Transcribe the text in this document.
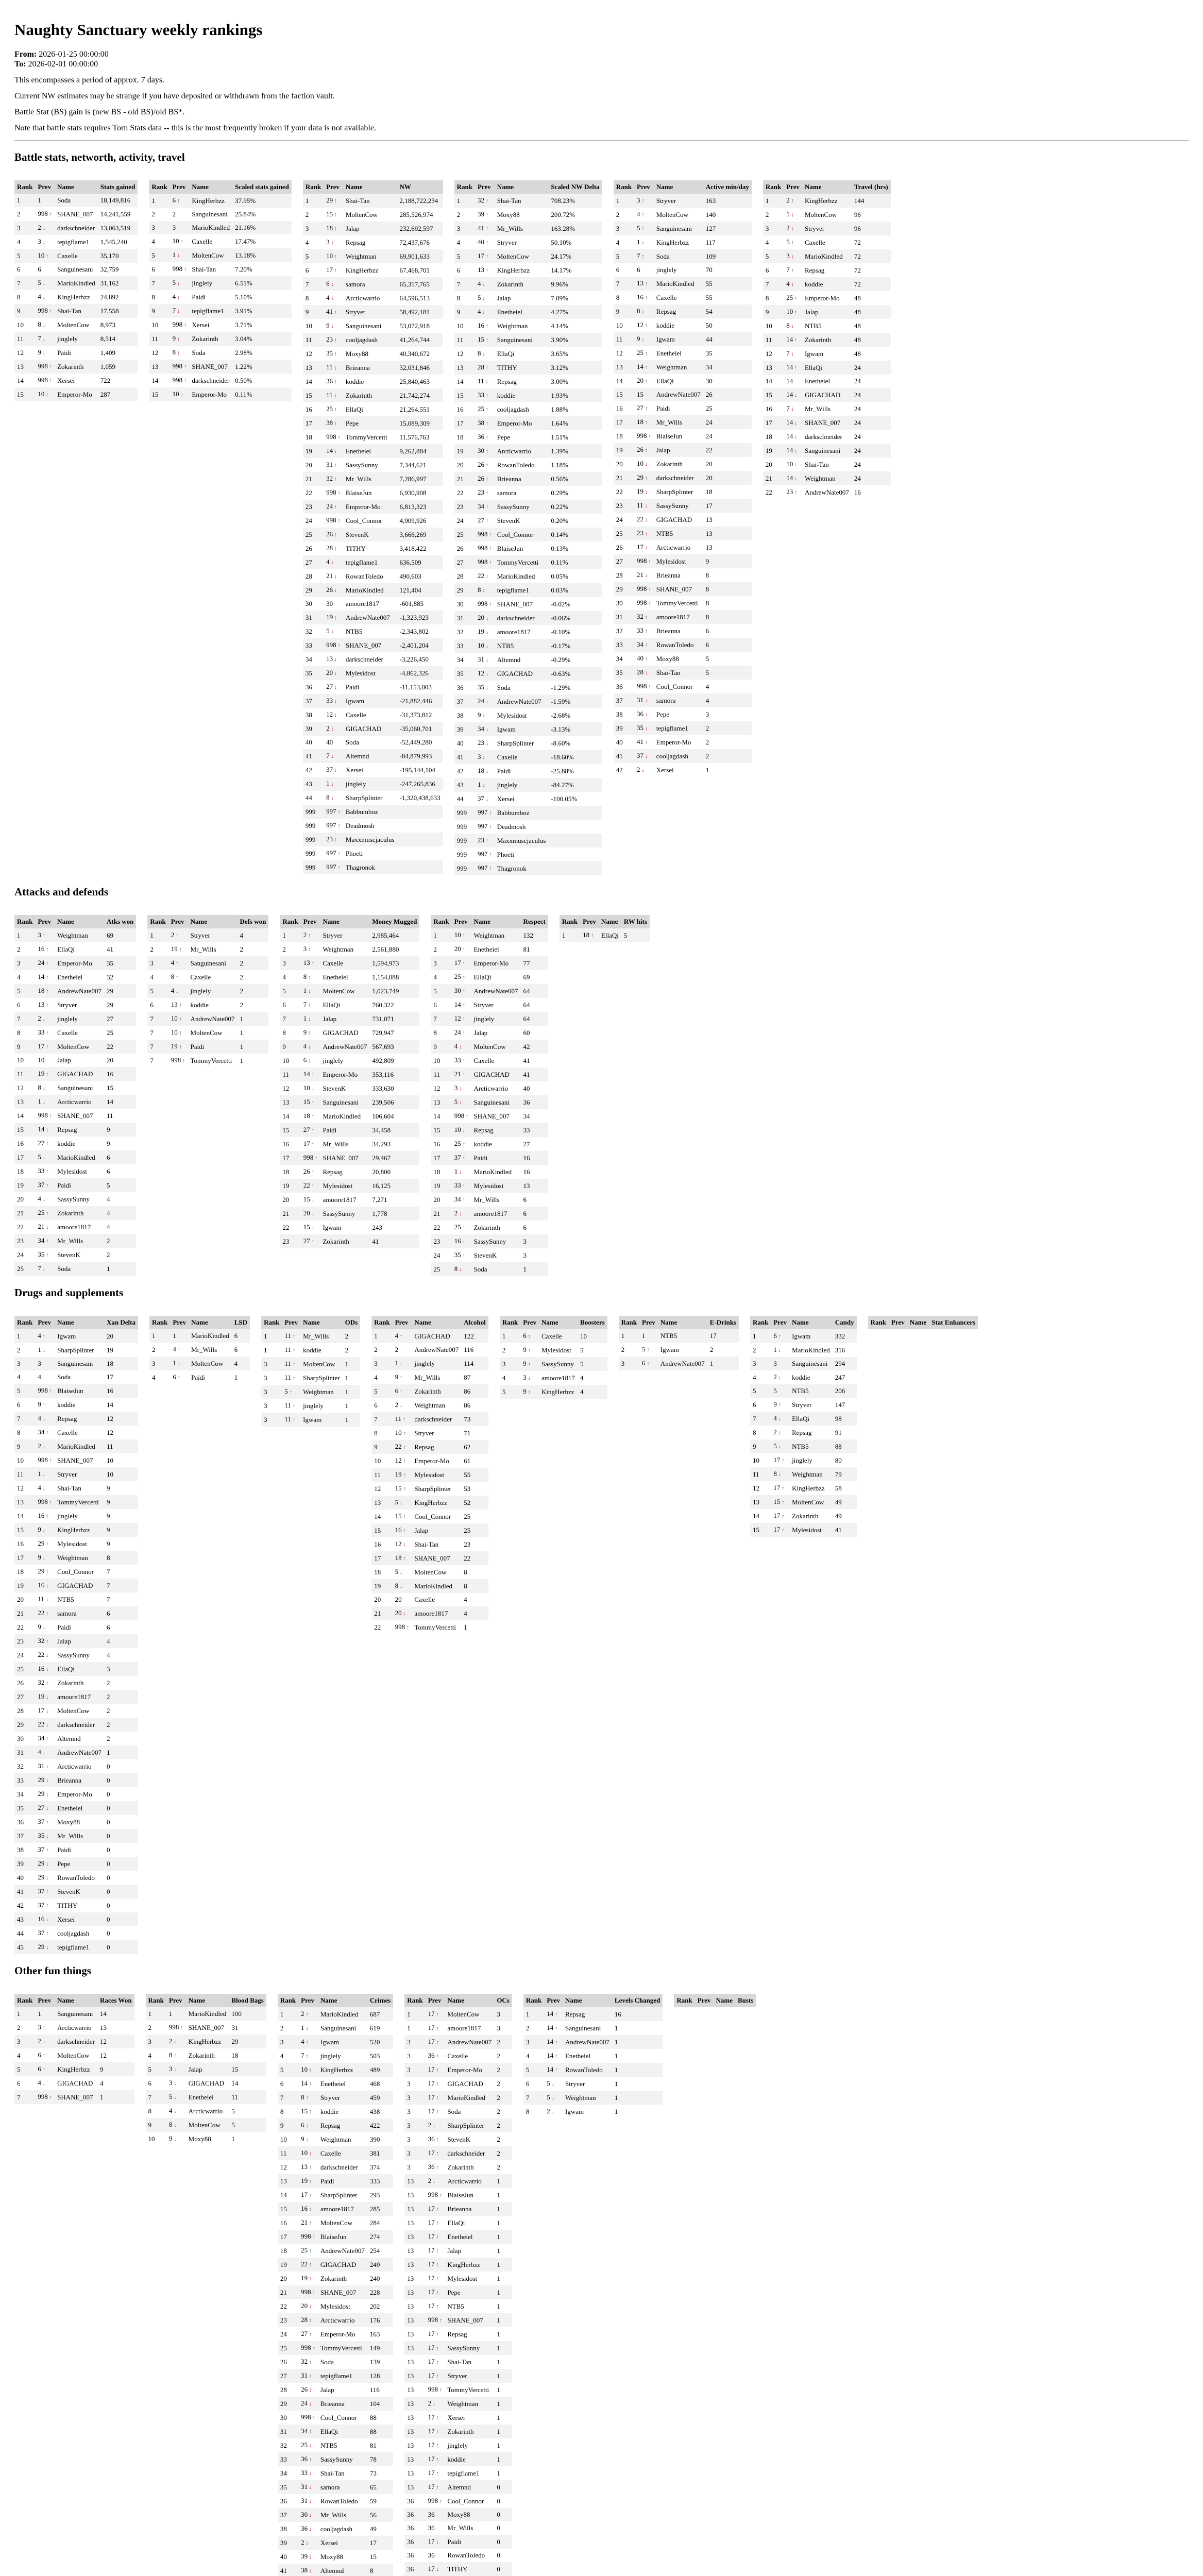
Naughty Sanctuary weekly rankings

From: 2026-01-25 00:00:00

To: 2026-02-01 00:00:00

This encompasses a period of approx. 7 days.

Current NW estimates may be strange if you have deposited or withdrawn from the faction vault.

Battle Stat (BS) gain is (new BS - old BS)/old BS*.

Note that battle stats requires Torn Stats data -- this is the most frequently broken if your data is not available.

Battle stats, networth, activity, travel
Rank	Prev	Name	Stats gained
1	1	Soda	18,149,816
2	998 ↑	SHANE_007	14,241,559
3	2 ↓	darkschneider	13,063,519
4	3 ↓	tepigflame1	1,545,240
5	10 ↑	Caxelle	35,170
6	6	Sanguinesani	32,759
7	5 ↓	MarioKindled	31,162
8	4 ↓	KingHerbzz	24,892
9	998 ↑	Shai-Tan	17,558
10	8 ↓	MoltenCow	8,973
11	7 ↓	jinglely	8,514
12	9 ↓	Paidi	1,409
13	998 ↑	Zokarinth	1,059
14	998 ↑	Xersei	722
15	10 ↓	Emperor-Mo	287
Rank	Prev	Name	Scaled stats gained
1	6 ↑	KingHerbzz	37.95%
2	2	Sanguinesani	25.84%
3	3	MarioKindled	21.16%
4	10 ↑	Caxelle	17.47%
5	1 ↓	MoltenCow	13.18%
6	998 ↑	Shai-Tan	7.20%
7	5 ↓	jinglely	6.51%
8	4 ↓	Paidi	5.10%
9	7 ↓	tepigflame1	3.91%
10	998 ↑	Xersei	3.71%
11	9 ↓	Zokarinth	3.04%
12	8 ↓	Soda	2.98%
13	998 ↑	SHANE_007	1.22%
14	998 ↑	darkschneider	0.50%
15	10 ↓	Emperor-Mo	0.11%
Rank	Prev	Name	NW
1	29 ↑	Shai-Tan	2,188,722,234
2	15 ↑	MoltenCow	285,526,974
3	18 ↑	Jalap	232,692,597
4	3 ↓	Repsag	72,437,676
5	10 ↑	Weightman	69,901,633
6	17 ↑	KingHerbzz	67,468,701
7	6 ↓	samora	65,317,765
8	4 ↓	Arcticwarrio	64,596,513
9	41 ↑	Stryver	58,492,181
10	9 ↓	Sanguinesani	53,072,918
11	23 ↑	cooljagdash	41,264,744
12	35 ↑	Moxy88	40,340,672
13	11 ↓	Brieanna	32,031,846
14	36 ↑	koddie	25,840,463
15	11 ↓	Zokarinth	21,742,274
16	25 ↑	EllaQi	21,264,551
17	38 ↑	Pepe	15,089,309
18	998 ↑	TommyVercetti	11,576,763
19	14 ↓	Enetheiel	9,262,884
20	31 ↑	SassySunny	7,344,621
21	32 ↑	Mr_Wills	7,286,997
22	998 ↑	BlaiseJun	6,930,908
23	24 ↑	Emperor-Mo	6,813,323
24	998 ↑	Cool_Connor	4,909,926
25	26 ↑	StevenK	3,666,269
26	28 ↑	TITHY	3,418,422
27	4 ↓	tepigflame1	636,509
28	21 ↓	RowanToledo	490,603
29	26 ↓	MarioKindled	121,404
30	30	amoore1817	-601,885
31	19 ↓	AndrewNate007	-1,323,923
32	5 ↓	NTB5	-2,343,802
33	998 ↑	SHANE_007	-2,401,204
34	13 ↓	darkschneider	-3,226,450
35	20 ↓	Mylesidost	-4,862,326
36	27 ↓	Paidi	-11,153,003
37	33 ↓	Igwam	-21,882,446
38	12 ↓	Caxelle	-31,373,812
39	2 ↓	GIGACHAD	-35,060,701
40	40	Soda	-52,449,280
41	7 ↓	Altemnd	-84,879,993
42	37 ↓	Xersei	-195,144,104
43	1 ↓	jinglely	-247,265,836
44	8 ↓	SharpSplinter	-1,320,438,633
999	997 ↑	Babbumboz	
999	997 ↑	Deadmosh	
999	23 ↑	Maxxmuscjaculus	
999	997 ↑	Phoeti	
999	997 ↑	Thagronok	
Rank	Prev	Name	Scaled NW Delta
1	32 ↑	Shai-Tan	708.23%
2	39 ↑	Moxy88	200.72%
3	41 ↑	Mr_Wills	163.28%
4	40 ↑	Stryver	50.10%
5	17 ↑	MoltenCow	24.17%
6	13 ↑	KingHerbzz	14.17%
7	4 ↓	Zokarinth	9.96%
8	5 ↓	Jalap	7.09%
9	4 ↓	Enetheiel	4.27%
10	16 ↑	Weightman	4.14%
11	15 ↑	Sanguinesani	3.90%
12	8 ↓	EllaQi	3.65%
13	28 ↑	TITHY	3.12%
14	11 ↓	Repsag	3.00%
15	33 ↑	koddie	1.93%
16	25 ↑	cooljagdash	1.88%
17	38 ↑	Emperor-Mo	1.64%
18	36 ↑	Pepe	1.51%
19	30 ↑	Arcticwarrio	1.39%
20	26 ↑	RowanToledo	1.18%
21	26 ↑	Brieanna	0.56%
22	23 ↑	samora	0.29%
23	34 ↑	SassySunny	0.22%
24	27 ↑	StevenK	0.20%
25	998 ↑	Cool_Connor	0.14%
26	998 ↑	BlaiseJun	0.13%
27	998 ↑	TommyVercetti	0.11%
28	22 ↓	MarioKindled	0.05%
29	8 ↓	tepigflame1	0.03%
30	998 ↑	SHANE_007	-0.02%
31	20 ↓	darkschneider	-0.06%
32	19 ↓	amoore1817	-0.10%
33	10 ↓	NTB5	-0.17%
34	31 ↓	Altemnd	-0.29%
35	12 ↓	GIGACHAD	-0.63%
36	35 ↓	Soda	-1.29%
37	24 ↓	AndrewNate007	-1.59%
38	9 ↓	Mylesidost	-2.68%
39	34 ↓	Igwam	-3.13%
40	23 ↓	SharpSplinter	-8.60%
41	3 ↓	Caxelle	-18.60%
42	18 ↓	Paidi	-25.88%
43	1 ↓	jinglely	-84.27%
44	37 ↓	Xersei	-100.05%
999	997 ↑	Babbumboz	
999	997 ↑	Deadmosh	
999	23 ↑	Maxxmuscjaculus	
999	997 ↑	Phoeti	
999	997 ↑	Thagronok	
Rank	Prev	Name	Active min/day
1	3 ↑	Stryver	163
2	4 ↑	MoltenCow	140
3	5 ↑	Sanguinesani	127
4	1 ↓	KingHerbzz	117
5	7 ↑	Soda	109
6	6	jinglely	70
7	13 ↑	MarioKindled	55
8	16 ↑	Caxelle	55
9	8 ↓	Repsag	54
10	12 ↑	koddie	50
11	9 ↓	Igwam	44
12	25 ↑	Enetheiel	35
13	14 ↑	Weightman	34
14	20 ↑	EllaQi	30
15	15	AndrewNate007	26
16	27 ↑	Paidi	25
17	18 ↑	Mr_Wills	24
18	998 ↑	BlaiseJun	24
19	26 ↑	Jalap	22
20	10 ↓	Zokarinth	20
21	29 ↑	darkschneider	20
22	19 ↓	SharpSplinter	18
23	11 ↓	SassySunny	17
24	22 ↓	GIGACHAD	13
25	23 ↓	NTB5	13
26	17 ↓	Arcticwarrio	13
27	998 ↑	Mylesidost	9
28	21 ↓	Brieanna	8
29	998 ↑	SHANE_007	8
30	998 ↑	TommyVercetti	8
31	32 ↑	amoore1817	8
32	33 ↑	Brieanna	6
33	34 ↑	RowanToledo	6
34	40 ↑	Moxy88	5
35	28 ↓	Shai-Tan	5
36	998 ↑	Cool_Connor	4
37	31 ↓	samora	4
38	36 ↓	Pepe	3
39	35 ↓	tepigflame1	2
40	41 ↑	Emperor-Mo	2
41	37 ↓	cooljagdash	2
42	2 ↓	Xersei	1
Rank	Prev	Name	Travel (hrs)
1	2 ↑	KingHerbzz	144
2	1 ↓	MoltenCow	96
3	2 ↓	Stryver	96
4	5 ↑	Caxelle	72
5	3 ↓	MarioKindled	72
6	7 ↑	Repsag	72
7	4 ↓	koddie	72
8	25 ↑	Emperor-Mo	48
9	10 ↑	Jalap	48
10	8 ↓	NTB5	48
11	14 ↑	Zokarinth	48
12	7 ↓	Igwam	48
13	14 ↑	EllaQi	24
14	14	Enetheiel	24
15	14 ↓	GIGACHAD	24
16	7 ↓	Mr_Wills	24
17	14 ↓	SHANE_007	24
18	14 ↓	darkschneider	24
19	14 ↓	Sanguinesani	24
20	10 ↓	Shai-Tan	24
21	14 ↓	Weightman	24
22	23 ↑	AndrewNate007	16
Attacks and defends
Rank	Prev	Name	Atks won
1	3 ↑	Weightman	69
2	16 ↑	EllaQi	41
3	24 ↑	Emperor-Mo	35
4	14 ↑	Enetheiel	32
5	18 ↑	AndrewNate007	29
6	13 ↑	Stryver	29
7	2 ↓	jinglely	27
8	33 ↑	Caxelle	25
9	17 ↑	MoltenCow	22
10	10	Jalap	20
11	19 ↑	GIGACHAD	16
12	8 ↓	Sanguinesani	15
13	1 ↓	Arcticwarrio	14
14	998 ↑	SHANE_007	11
15	14 ↓	Repsag	9
16	27 ↑	koddie	9
17	5 ↓	MarioKindled	6
18	33 ↑	Mylesidost	6
19	37 ↑	Paidi	5
20	4 ↓	SassySunny	4
21	25 ↑	Zokarinth	4
22	21 ↓	amoore1817	4
23	34 ↑	Mr_Wills	2
24	35 ↑	StevenK	2
25	7 ↓	Soda	1
Rank	Prev	Name	Defs won
1	2 ↑	Stryver	4
2	19 ↑	Mr_Wills	2
3	4 ↑	Sanguinesani	2
4	8 ↑	Caxelle	2
5	4 ↓	jinglely	2
6	13 ↑	koddie	2
7	10 ↑	AndrewNate007	1
7	10 ↑	MoltenCow	1
7	19 ↑	Paidi	1
7	998 ↑	TommyVercetti	1
Rank	Prev	Name	Money Mugged
1	2 ↑	Stryver	2,985,464
2	3 ↑	Weightman	2,561,880
3	13 ↑	Caxelle	1,594,973
4	8 ↑	Enetheiel	1,154,088
5	1 ↓	MoltenCow	1,023,749
6	7 ↑	EllaQi	760,322
7	1 ↓	Jalap	731,071
8	9 ↑	GIGACHAD	729,947
9	4 ↓	AndrewNate007	567,693
10	6 ↓	jinglely	492,809
11	14 ↑	Emperor-Mo	353,116
12	10 ↓	StevenK	333,630
13	15 ↑	Sanguinesani	239,506
14	18 ↑	MarioKindled	106,604
15	27 ↑	Paidi	34,458
16	17 ↑	Mr_Wills	34,293
17	998 ↑	SHANE_007	29,467
18	26 ↑	Repsag	20,800
19	22 ↑	Mylesidost	16,125
20	15 ↓	amoore1817	7,271
21	20 ↓	SassySunny	1,778
22	15 ↓	Igwam	243
23	27 ↑	Zokarinth	41
Rank	Prev	Name	Respect
1	10 ↑	Weightman	132
2	20 ↑	Enetheiel	81
3	17 ↑	Emperor-Mo	77
4	25 ↑	EllaQi	69
5	30 ↑	AndrewNate007	64
6	14 ↑	Stryver	64
7	12 ↑	jinglely	64
8	24 ↑	Jalap	60
9	4 ↓	MoltenCow	42
10	33 ↑	Caxelle	41
11	21 ↑	GIGACHAD	41
12	3 ↓	Arcticwarrio	40
13	5 ↓	Sanguinesani	36
14	998 ↑	SHANE_007	34
15	10 ↓	Repsag	33
16	25 ↑	koddie	27
17	37 ↑	Paidi	16
18	1 ↓	MarioKindled	16
19	33 ↑	Mylesidost	13
20	34 ↑	Mr_Wills	6
21	2 ↓	amoore1817	6
22	25 ↑	Zokarinth	6
23	16 ↓	SassySunny	3
24	35 ↑	StevenK	3
25	8 ↓	Soda	1
Rank	Prev	Name	RW hits
1	18 ↑	EllaQi	5
Drugs and supplements
Rank	Prev	Name	Xan Delta
1	4 ↑	Igwam	20
2	1 ↓	SharpSplinter	19
3	3	Sanguinesani	18
4	4	Soda	17
5	998 ↑	BlaiseJun	16
6	9 ↑	koddie	14
7	4 ↓	Repsag	12
8	34 ↑	Caxelle	12
9	2 ↓	MarioKindled	11
10	998 ↑	SHANE_007	10
11	1 ↓	Stryver	10
12	4 ↓	Shai-Tan	9
13	998 ↑	TommyVercetti	9
14	16 ↑	jinglely	9
15	9 ↓	KingHerbzz	9
16	29 ↑	Mylesidost	9
17	9 ↓	Weightman	8
18	29 ↑	Cool_Connor	7
19	16 ↓	GIGACHAD	7
20	11 ↓	NTB5	7
21	22 ↑	samora	6
22	9 ↓	Paidi	6
23	32 ↑	Jalap	4
24	22 ↓	SassySunny	4
25	16 ↓	EllaQi	3
26	32 ↑	Zokarinth	2
27	19 ↓	amoore1817	2
28	17 ↓	MoltenCow	2
29	22 ↓	darkschneider	2
30	34 ↑	Altemnd	2
31	4 ↓	AndrewNate007	1
32	31 ↓	Arcticwarrio	0
33	29 ↓	Brieanna	0
34	29 ↓	Emperor-Mo	0
35	27 ↓	Enetheiel	0
36	37 ↑	Moxy88	0
37	35 ↓	Mr_Wills	0
38	37 ↑	Paidi	0
39	29 ↓	Pepe	0
40	29 ↓	RowanToledo	0
41	37 ↑	StevenK	0
42	37 ↑	TITHY	0
43	16 ↓	Xersei	0
44	37 ↑	cooljagdash	0
45	29 ↓	tepigflame1	0
Rank	Prev	Name	LSD
1	1	MarioKindled	6
2	4 ↑	Mr_Wills	6
3	1 ↓	MoltenCow	4
4	6 ↑	Paidi	1
Rank	Prev	Name	ODs
1	11 ↑	Mr_Wills	2
1	11 ↑	koddie	2
3	11 ↑	MoltenCow	1
3	11 ↑	SharpSplinter	1
3	5 ↑	Weightman	1
3	11 ↑	jinglely	1
3	11 ↑	Igwam	1
Rank	Prev	Name	Alcohol
1	4 ↑	GIGACHAD	122
2	2	AndrewNate007	116
3	1 ↓	jinglely	114
4	9 ↑	Mr_Wills	87
5	6 ↑	Zokarinth	86
6	2 ↓	Weightman	86
7	11 ↑	darkschneider	73
8	10 ↑	Stryver	71
9	22 ↑	Repsag	62
10	12 ↑	Emperor-Mo	61
11	19 ↑	Mylesidost	55
12	15 ↑	SharpSplinter	53
13	5 ↓	KingHerbzz	52
14	15 ↑	Cool_Connor	25
15	16 ↑	Jalap	25
16	12 ↓	Shai-Tan	23
17	18 ↑	SHANE_007	22
18	5 ↓	MoltenCow	8
19	8 ↓	MarioKindled	8
20	20	Caxelle	4
21	20 ↓	amoore1817	4
22	998 ↑	TommyVercetti	1
Rank	Prev	Name	Boosters
1	6 ↑	Caxelle	10
2	9 ↑	Mylesidost	5
3	9 ↑	SassySunny	5
4	3 ↓	amoore1817	4
5	9 ↑	KingHerbzz	4
Rank	Prev	Name	E-Drinks
1	1	NTB5	17
2	5 ↑	Igwam	2
3	6 ↑	AndrewNate007	1
Rank	Prev	Name	Candy
1	6 ↑	Igwam	332
2	1 ↓	MarioKindled	316
3	3	Sanguinesani	294
4	2 ↓	koddie	247
5	5	NTB5	206
6	9 ↑	Stryver	147
7	4 ↓	EllaQi	98
8	2 ↓	Repsag	91
9	5 ↓	NTB5	88
10	17 ↑	jinglely	80
11	8 ↓	Weightman	79
12	17 ↑	KingHerbzz	58
13	15 ↑	MoltenCow	49
14	17 ↑	Zokarinth	49
15	17 ↑	Mylesidost	41
Rank	Prev	Name	Stat Enhancers
Other fun things
Rank	Prev	Name	Races Won
1	1	Sanguinesani	14
2	3 ↑	Arcticwarrio	13
3	2 ↓	darkschneider	12
4	6 ↑	MoltenCow	12
5	6 ↑	KingHerbzz	9
6	4 ↓	GIGACHAD	4
7	998 ↑	SHANE_007	1
Rank	Prev	Name	Blood Bags
1	1	MarioKindled	100
2	998 ↑	SHANE_007	31
3	2 ↓	KingHerbzz	29
4	8 ↑	Zokarinth	18
5	3 ↓	Jalap	15
6	3 ↓	GIGACHAD	14
7	5 ↓	Enetheiel	11
8	4 ↓	Arcticwarrio	5
9	8 ↓	MoltenCow	5
10	9 ↓	Moxy88	1
Rank	Prev	Name	Crimes
1	2 ↑	MarioKindled	687
2	1 ↓	Sanguinesani	619
3	4 ↑	Igwam	520
4	7 ↑	jinglely	503
5	10 ↑	KingHerbzz	489
6	14 ↑	Enetheiel	468
7	8 ↑	Stryver	459
8	15 ↑	koddie	438
9	6 ↓	Repsag	422
10	9 ↓	Weightman	390
11	10 ↓	Caxelle	381
12	13 ↑	darkschneider	374
13	19 ↑	Paidi	333
14	17 ↑	SharpSplinter	293
15	16 ↑	amoore1817	285
16	21 ↑	MoltenCow	284
17	998 ↑	BlaiseJun	274
18	25 ↑	AndrewNate007	254
19	22 ↑	GIGACHAD	249
20	19 ↓	Zokarinth	240
21	998 ↑	SHANE_007	228
22	20 ↓	Mylesidost	202
23	28 ↑	Arcticwarrio	176
24	27 ↑	Emperor-Mo	163
25	998 ↑	TommyVercetti	149
26	32 ↑	Soda	139
27	31 ↑	tepigflame1	128
28	26 ↓	Jalap	116
29	24 ↓	Brieanna	104
30	998 ↑	Cool_Connor	88
31	34 ↑	EllaQi	88
32	25 ↓	NTB5	81
33	36 ↑	SassySunny	78
34	33 ↓	Shai-Tan	73
35	31 ↓	samora	65
36	31 ↓	RowanToledo	59
37	30 ↓	Mr_Wills	56
38	36 ↓	cooljagdash	49
39	2 ↓	Xersei	17
40	39 ↓	Moxy88	15
41	38 ↓	Altemnd	8

Rank	Prev	Name	OCs
1	17 ↑	MoltenCow	3
1	17 ↑	amoore1817	3
3	17 ↑	AndrewNate007	2
3	36 ↑	Caxelle	2
3	17 ↑	Emperor-Mo	2
3	17 ↑	GIGACHAD	2
3	17 ↑	MarioKindled	2
3	17 ↑	Soda	2
3	2 ↓	SharpSplinter	2
3	36 ↑	StevenK	2
3	17 ↑	darkschneider	2
3	36 ↑	Zokarinth	2
13	2 ↓	Arcticwarrio	1
13	998 ↑	BlaiseJun	1
13	17 ↑	Brieanna	1
13	17 ↑	EllaQi	1
13	17 ↑	Enetheiel	1
13	17 ↑	Jalap	1
13	17 ↑	KingHerbzz	1
13	17 ↑	Mylesidost	1
13	17 ↑	Pepe	1
13	17 ↑	NTB5	1
13	998 ↑	SHANE_007	1
13	17 ↑	Repsag	1
13	17 ↑	SassySunny	1
13	17 ↑	Shai-Tan	1
13	17 ↑	Stryver	1
13	998 ↑	TommyVercetti	1
13	2 ↓	Weightman	1
13	17 ↑	Xersei	1
13	17 ↑	Zokarinth	1
13	17 ↑	jinglely	1
13	17 ↑	koddie	1
13	17 ↑	tepigflame1	1
13	17 ↑	Altemnd	0
36	998 ↑	Cool_Connor	0
36	36	Moxy88	0
36	36	Mr_Wills	0
36	17 ↓	Paidi	0
36	36	RowanToledo	0
36	17 ↓	TITHY	0

Rank	Prev	Name	Levels Changed
1	14 ↑	Repsag	16
2	14 ↑	Sanguinesani	1
3	14 ↑	AndrewNate007	1
4	14 ↑	Enetheiel	1
5	14 ↑	RowanToledo	1
6	5 ↓	Stryver	1
7	5 ↓	Weightman	1
8	2 ↓	Igwam	1
Rank	Prev	Name	Busts
